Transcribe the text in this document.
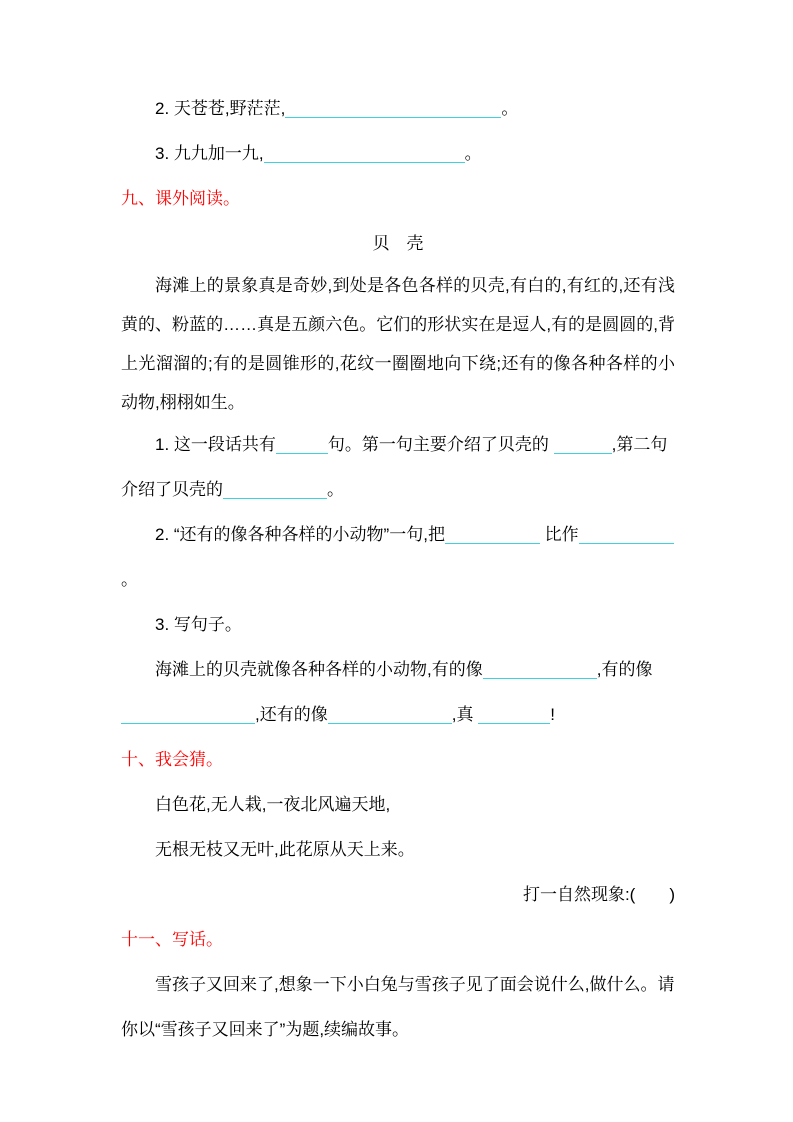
2. 天苍苍,野茫茫,	。
3. 九九加一九,	。
九、课外阅读。
贝　壳
海滩上的景象真是奇妙,到处是各色各样的贝壳,有白的,有红的,还有浅黄的、粉蓝的……真是五颜六色。它们的形状实在是逗人,有的是圆圆的,背上光溜溜的;有的是圆锥形的,花纹一圈圈地向下绕;还有的像各种各样的小动物,栩栩如生。
1. 这一段话共有	句。第一句主要介绍了贝壳的	,第二句介绍了贝壳的	。
2. “还有的像各种各样的小动物”一句,把	比作 。
3. 写句子。
海滩上的贝壳就像各种各样的小动物,有的像	,有的像,还有的像	,真	!
十、我会猜。
白色花,无人栽,一夜北风遍天地,
无根无枝又无叶,此花原从天上来。
打一自然现象:(　　)
十一、写话。
雪孩子又回来了,想象一下小白兔与雪孩子见了面会说什么,做什么。请你以“雪孩子又回来了”为题,续编故事。
